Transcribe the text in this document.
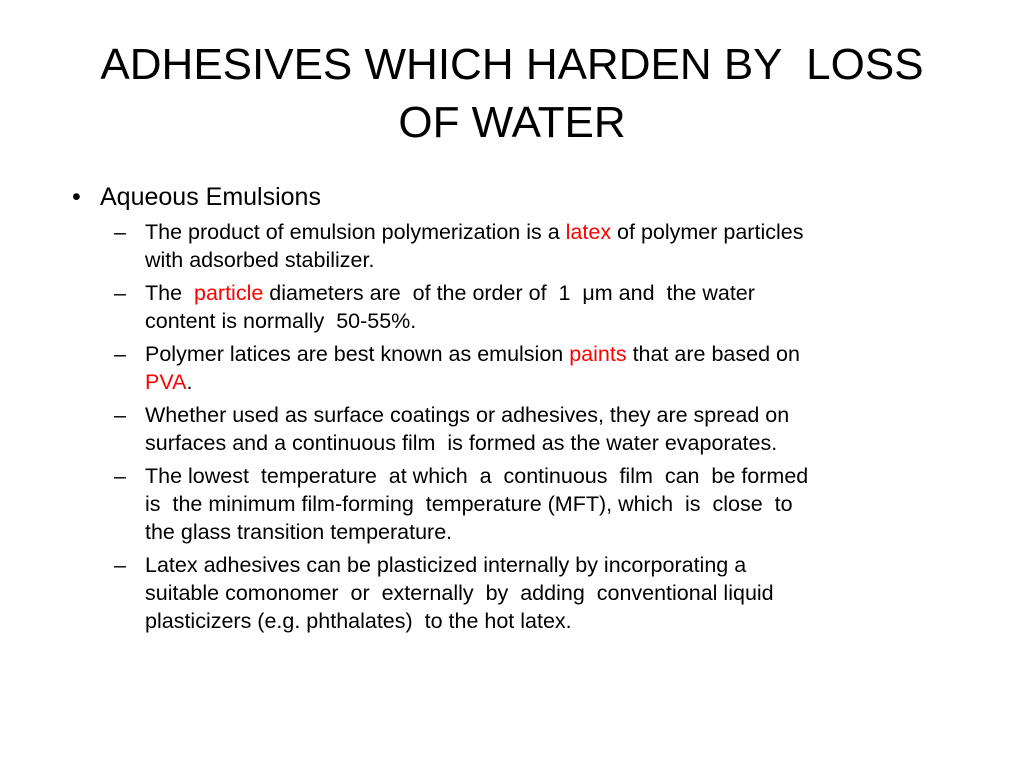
ADHESIVES WHICH HARDEN BY  LOSS
OF WATER
• Aqueous Emulsions
– The product of emulsion polymerization is a latex of polymer particles
with adsorbed stabilizer.
– The  particle diameters are  of the order of  1  μm and  the water
content is normally  50-55%.
– Polymer latices are best known as emulsion paints that are based on
PVA.
– Whether used as surface coatings or adhesives, they are spread on
surfaces and a continuous film  is formed as the water evaporates.
– The lowest  temperature  at which  a  continuous  film  can  be formed
is  the minimum film-forming  temperature (MFT), which  is  close  to
the glass transition temperature.
– Latex adhesives can be plasticized internally by incorporating a
suitable comonomer  or  externally  by  adding  conventional liquid
plasticizers (e.g. phthalates)  to the hot latex.
